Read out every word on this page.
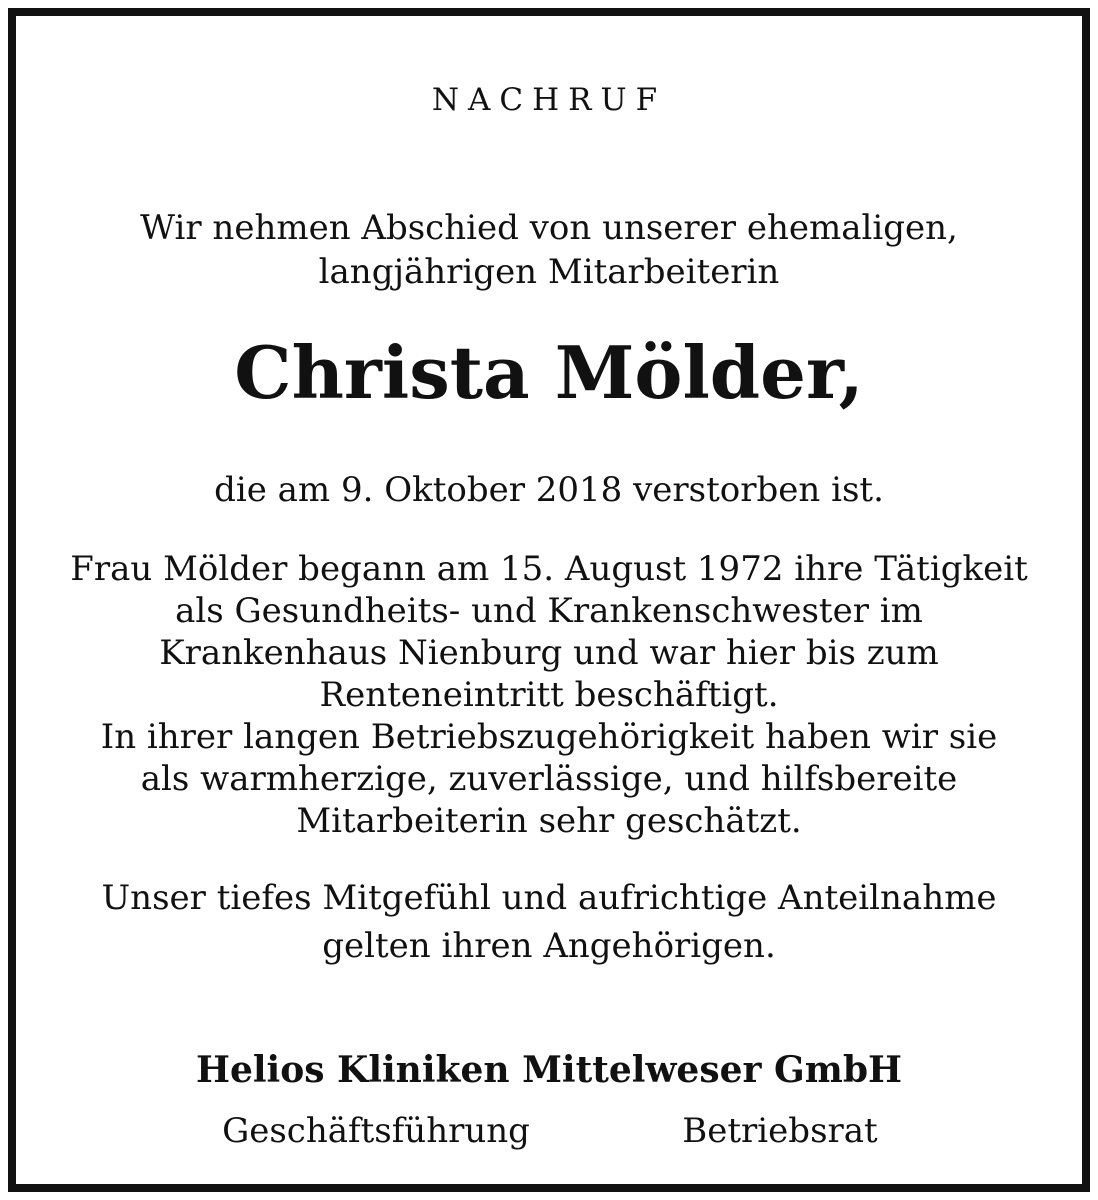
NACHRUF
Wir nehmen Abschied von unserer ehemaligen,
langjährigen Mitarbeiterin
Christa Mölder,
die am 9. Oktober 2018 verstorben ist.
Frau Mölder begann am 15. August 1972 ihre Tätigkeit
als Gesundheits- und Krankenschwester im
Krankenhaus Nienburg und war hier bis zum
Renteneintritt beschäftigt.
In ihrer langen Betriebszugehörigkeit haben wir sie
als warmherzige, zuverlässige, und hilfsbereite
Mitarbeiterin sehr geschätzt.
Unser tiefes Mitgefühl und aufrichtige Anteilnahme
gelten ihren Angehörigen.
Helios Kliniken Mittelweser GmbH
Geschäftsführung	Betriebsrat
